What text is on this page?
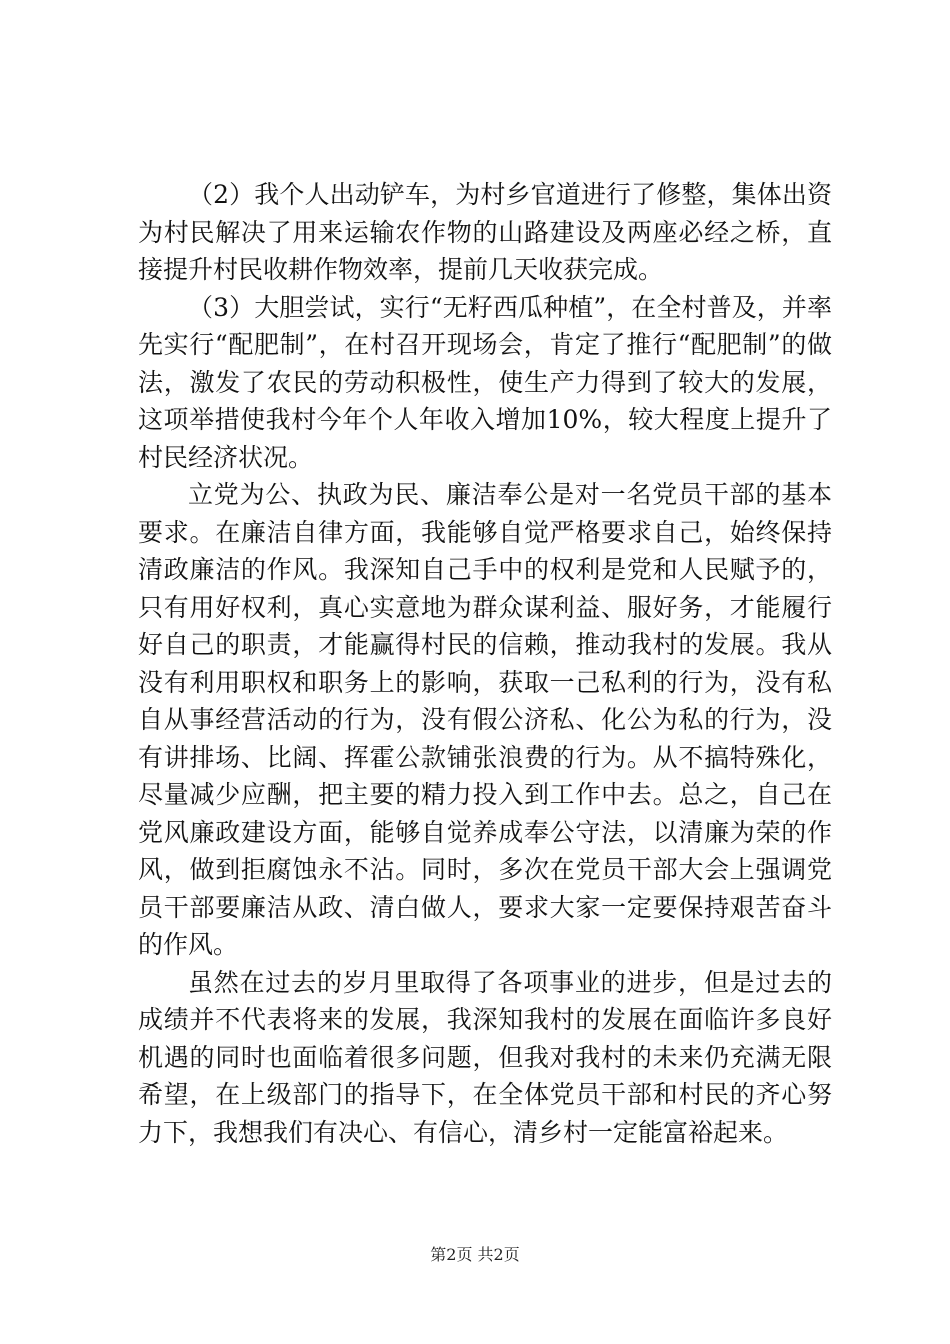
（2）我个人出动铲车，为村乡官道进行了修整，集体出资为村民解决了用来运输农作物的山路建设及两座必经之桥，直接提升村民收耕作物效率，提前几天收获完成。

（3）大胆尝试，实行“无籽西瓜种植”，在全村普及，并率先实行“配肥制”，在村召开现场会，肯定了推行“配肥制”的做法，激发了农民的劳动积极性，使生产力得到了较大的发展，这项举措使我村今年个人年收入增加10%，较大程度上提升了村民经济状况。

立党为公、执政为民、廉洁奉公是对一名党员干部的基本要求。在廉洁自律方面，我能够自觉严格要求自己，始终保持清政廉洁的作风。我深知自己手中的权利是党和人民赋予的，只有用好权利，真心实意地为群众谋利益、服好务，才能履行好自己的职责，才能赢得村民的信赖，推动我村的发展。我从没有利用职权和职务上的影响，获取一己私利的行为，没有私自从事经营活动的行为，没有假公济私、化公为私的行为，没有讲排场、比阔、挥霍公款铺张浪费的行为。从不搞特殊化，尽量减少应酬，把主要的精力投入到工作中去。总之，自己在党风廉政建设方面，能够自觉养成奉公守法，以清廉为荣的作风，做到拒腐蚀永不沾。同时，多次在党员干部大会上强调党员干部要廉洁从政、清白做人，要求大家一定要保持艰苦奋斗的作风。

虽然在过去的岁月里取得了各项事业的进步，但是过去的成绩并不代表将来的发展，我深知我村的发展在面临许多良好机遇的同时也面临着很多问题，但我对我村的未来仍充满无限希望，在上级部门的指导下，在全体党员干部和村民的齐心努力下，我想我们有决心、有信心，清乡村一定能富裕起来。

第2页 共2页
